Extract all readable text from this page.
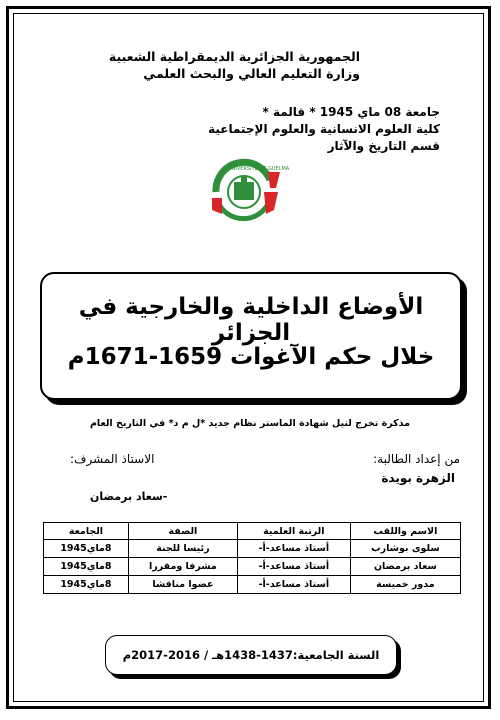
الجمهورية الجزائرية الديمقراطية الشعبية
وزارة التعليم العالي والبحث العلمي
جامعة 08 ماي 1945 * قالمة *
كلية العلوم الانسانية والعلوم الإجتماعية
قسم التاريخ والآثار
UNIVERSITE DE GUELMA
الأوضاع الداخلية والخارجية في الجزائر
خلال حكم الآغوات 1659-1671م
مذكرة تخرج لنيل شهادة الماستر نظام جديد *ل م د* في التاريخ العام
من إعداد الطالبة:
الزهرة بويدة
الاستاذ المشرف:
-سعاد برمضان
الاسم واللقب	الرتبة العلمية	الصفة	الجامعة
سلوى بوشارب	أستاذ مساعد-أ-	رئيسا للجنة	8ماي1945
سعاد برمضان	أستاذ مساعد-أ-	مشرفا ومقررا	8ماي1945
مدور خميسة	أستاذ مساعد-أ-	عضوا مناقشا	8ماي1945
السنة الجامعية:1437-1438هـ / 2016-2017م
